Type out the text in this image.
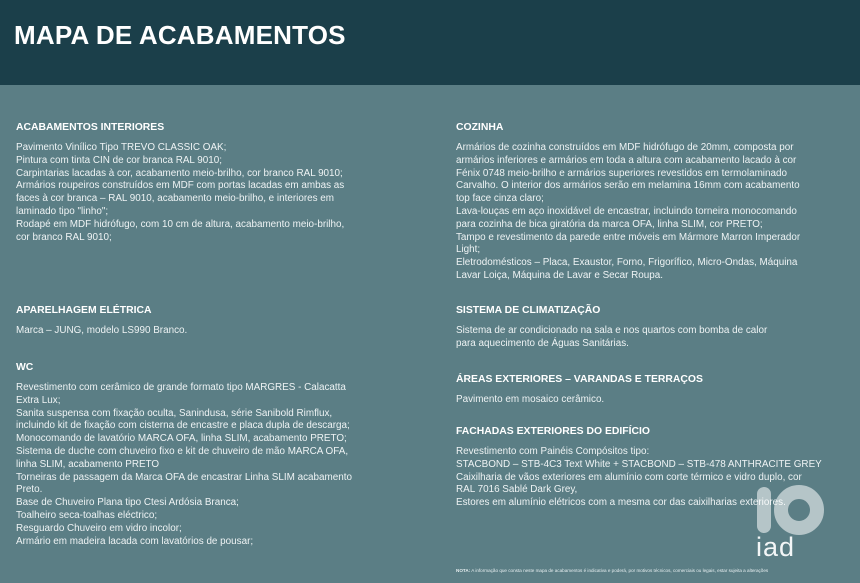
MAPA DE ACABAMENTOS
ACABAMENTOS INTERIORES
Pavimento Vinílico Tipo TREVO CLASSIC OAK;
Pintura com tinta CIN de cor branca RAL 9010;
Carpintarias lacadas à cor, acabamento meio-brilho, cor branco RAL 9010;
Armários roupeiros construídos em MDF com portas lacadas em ambas as
faces à cor branca – RAL 9010, acabamento meio-brilho, e interiores em
laminado tipo "linho";
Rodapé em MDF hidrófugo, com 10 cm de altura, acabamento meio-brilho,
cor branco RAL 9010;
APARELHAGEM ELÉTRICA
Marca – JUNG, modelo LS990 Branco.
WC
Revestimento com cerâmico de grande formato tipo MARGRES - Calacatta
Extra Lux;
Sanita suspensa com fixação oculta, Sanindusa, série Sanibold Rimflux,
incluindo kit de fixação com cisterna de encastre e placa dupla de descarga;
Monocomando de lavatório MARCA OFA, linha SLIM, acabamento PRETO;
Sistema de duche com chuveiro fixo e kit de chuveiro de mão MARCA OFA,
linha SLIM, acabamento PRETO
Torneiras de passagem da Marca OFA de encastrar Linha SLIM acabamento
Preto.
Base de Chuveiro Plana tipo Ctesi Ardósia Branca;
Toalheiro seca-toalhas eléctrico;
Resguardo Chuveiro em vidro incolor;
Armário em madeira lacada com lavatórios de pousar;
COZINHA
Armários de cozinha construídos em MDF hidrófugo de 20mm, composta por
armários inferiores e armários em toda a altura com acabamento lacado à cor
Fénix 0748 meio-brilho e armários superiores revestidos em termolaminado
Carvalho. O interior dos armários serão em melamina 16mm com acabamento
top face cinza claro;
Lava-louças em aço inoxidável de encastrar, incluindo torneira monocomando
para cozinha de bica giratória da marca OFA, linha SLIM, cor PRETO;
Tampo e revestimento da parede entre móveis em Mármore Marron Imperador
Light;
Eletrodomésticos – Placa, Exaustor, Forno, Frigorífico, Micro-Ondas, Máquina
Lavar Loiça, Máquina de Lavar e Secar Roupa.
SISTEMA DE CLIMATIZAÇÃO
Sistema de ar condicionado na sala e nos quartos com bomba de calor
para aquecimento de Águas Sanitárias.
ÁREAS EXTERIORES – VARANDAS E TERRAÇOS
Pavimento em mosaico cerâmico.
FACHADAS EXTERIORES DO EDIFÍCIO
Revestimento com Painéis Compósitos tipo:
STACBOND – STB-4C3 Text White + STACBOND – STB-478 ANTHRACITE GREY
Caixilharia de vãos exteriores em alumínio com corte térmico e vidro duplo, cor
RAL 7016 Sablé Dark Grey,
Estores em alumínio elétricos com a mesma cor das caixilharias exteriores.
NOTA: A informação que consta neste mapa de acabamentos é indicativa e poderá, por motivos técnicos, comerciais ou legais, estar sujeita a alterações
iad
